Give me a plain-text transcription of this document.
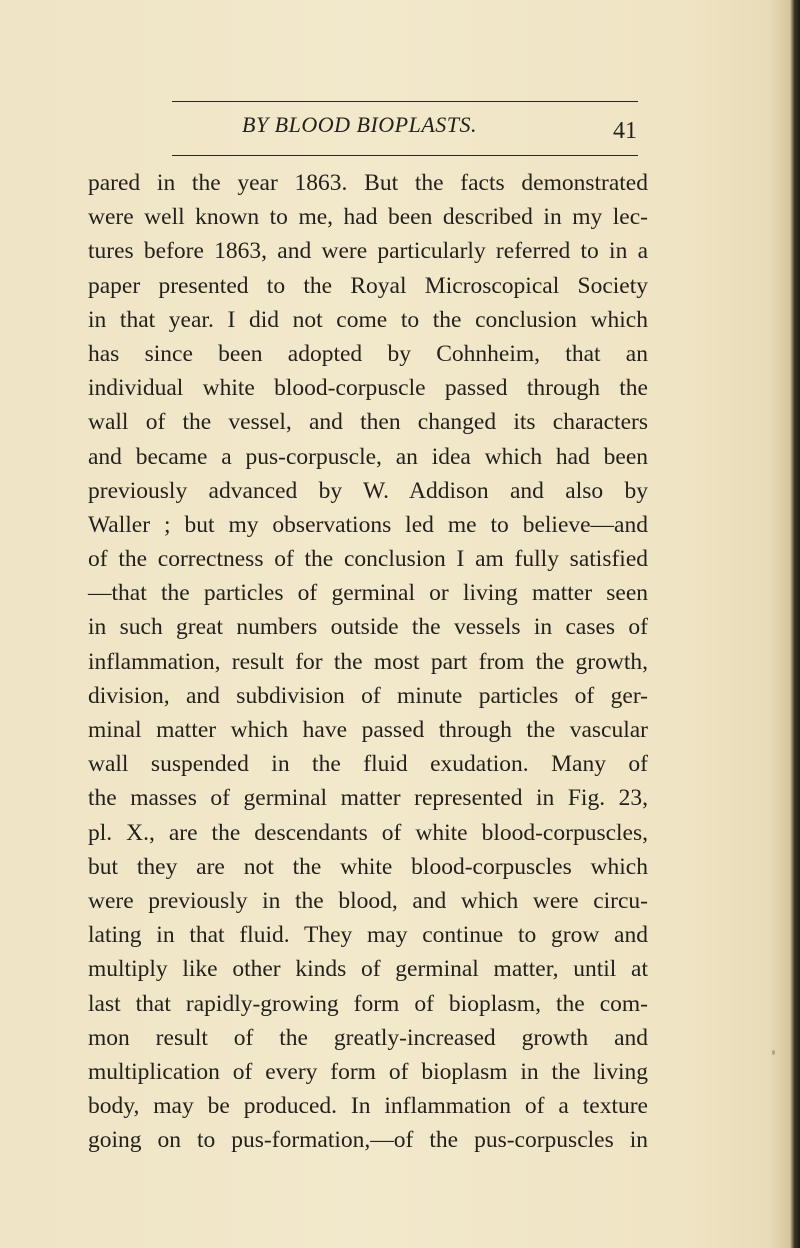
BY BLOOD BIOPLASTS.	41
pared in the year 1863. But the facts demonstrated
were well known to me, had been described in my lec-
tures before 1863, and were particularly referred to in a
paper presented to the Royal Microscopical Society
in that year. I did not come to the conclusion which
has since been adopted by Cohnheim, that an
individual white blood-corpuscle passed through the
wall of the vessel, and then changed its characters
and became a pus-corpuscle, an idea which had been
previously advanced by W. Addison and also by
Waller ; but my observations led me to believe—and
of the correctness of the conclusion I am fully satisfied
—that the particles of germinal or living matter seen
in such great numbers outside the vessels in cases of
inflammation, result for the most part from the growth,
division, and subdivision of minute particles of ger-
minal matter which have passed through the vascular
wall suspended in the fluid exudation. Many of
the masses of germinal matter represented in Fig. 23,
pl. X., are the descendants of white blood-corpuscles,
but they are not the white blood-corpuscles which
were previously in the blood, and which were circu-
lating in that fluid. They may continue to grow and
multiply like other kinds of germinal matter, until at
last that rapidly-growing form of bioplasm, the com-
mon result of the greatly-increased growth and
multiplication of every form of bioplasm in the living
body, may be produced. In inflammation of a texture
going on to pus-formation,—of the pus-corpuscles in
